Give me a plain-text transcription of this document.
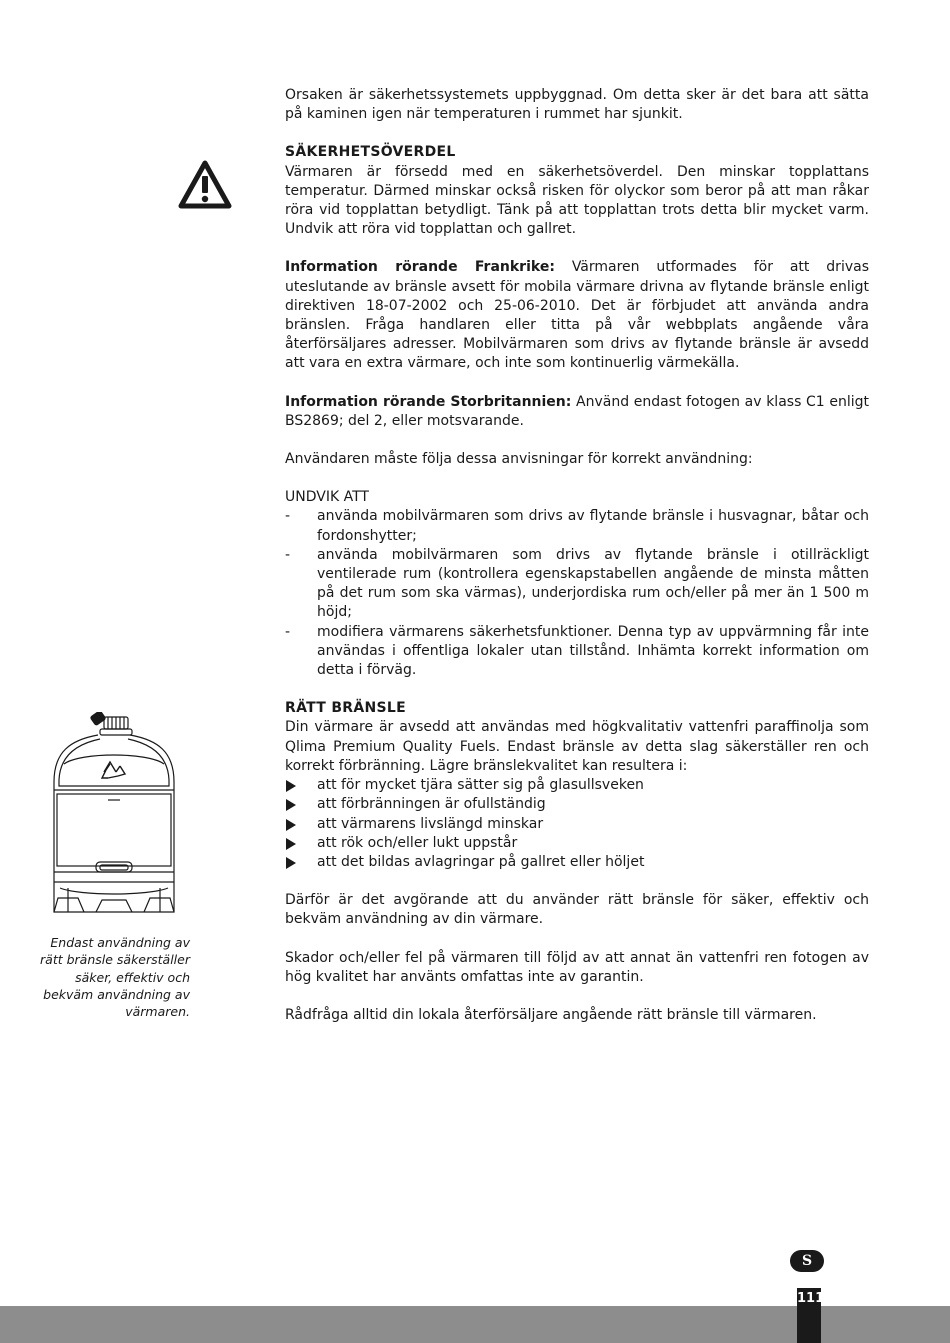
Orsaken är säkerhetssystemets uppbyggnad. Om detta sker är det bara att sätta på kaminen igen när temperaturen i rummet har sjunkit.

SÄKERHETSÖVERDEL

Värmaren är försedd med en säkerhetsöverdel. Den minskar topplattans temperatur. Därmed minskar också risken för olyckor som beror på att man råkar röra vid topplattan betydligt. Tänk på att topplattan trots detta blir mycket varm. Undvik att röra vid topplattan och gallret.

Information rörande Frankrike: Värmaren utformades för att drivas uteslutande av bränsle avsett för mobila värmare drivna av flytande bränsle enligt direktiven 18-07-2002 och 25-06-2010. Det är förbjudet att använda andra bränslen. Fråga handlaren eller titta på vår webbplats angående våra återförsäljares adresser. Mobilvärmaren som drivs av flytande bränsle är avsedd att vara en extra värmare, och inte som kontinuerlig värmekälla.

Information rörande Storbritannien: Använd endast fotogen av klass C1 enligt BS2869; del 2, eller motsvarande.

Användaren måste följa dessa anvisningar för korrekt användning:

UNDVIK ATT

- använda mobilvärmaren som drivs av flytande bränsle i husvagnar, båtar och fordonshytter;
- använda mobilvärmaren som drivs av flytande bränsle i otillräckligt ventilerade rum (kontrollera egenskapstabellen angående de minsta måtten på det rum som ska värmas), underjordiska rum och/eller på mer än 1 500 m höjd;
- modifiera värmarens säkerhetsfunktioner. Denna typ av uppvärmning får inte användas i offentliga lokaler utan tillstånd. Inhämta korrekt information om detta i förväg.

RÄTT BRÄNSLE

Din värmare är avsedd att användas med högkvalitativ vattenfri paraffinolja som Qlima Premium Quality Fuels. Endast bränsle av detta slag säkerställer ren och korrekt förbränning. Lägre bränslekvalitet kan resultera i:

att för mycket tjära sätter sig på glasullsveken
att förbränningen är ofullständig
att värmarens livslängd minskar
att rök och/eller lukt uppstår
att det bildas avlagringar på gallret eller höljet

Därför är det avgörande att du använder rätt bränsle för säker, effektiv och bekväm användning av din värmare.

Skador och/eller fel på värmaren till följd av att annat än vattenfri ren fotogen av hög kvalitet har använts omfattas inte av garantin.

Rådfråga alltid din lokala återförsäljare angående rätt bränsle till värmaren.

Endast användning av rätt bränsle säkerställer säker, effektiv och bekväm användning av värmaren.
S
111
